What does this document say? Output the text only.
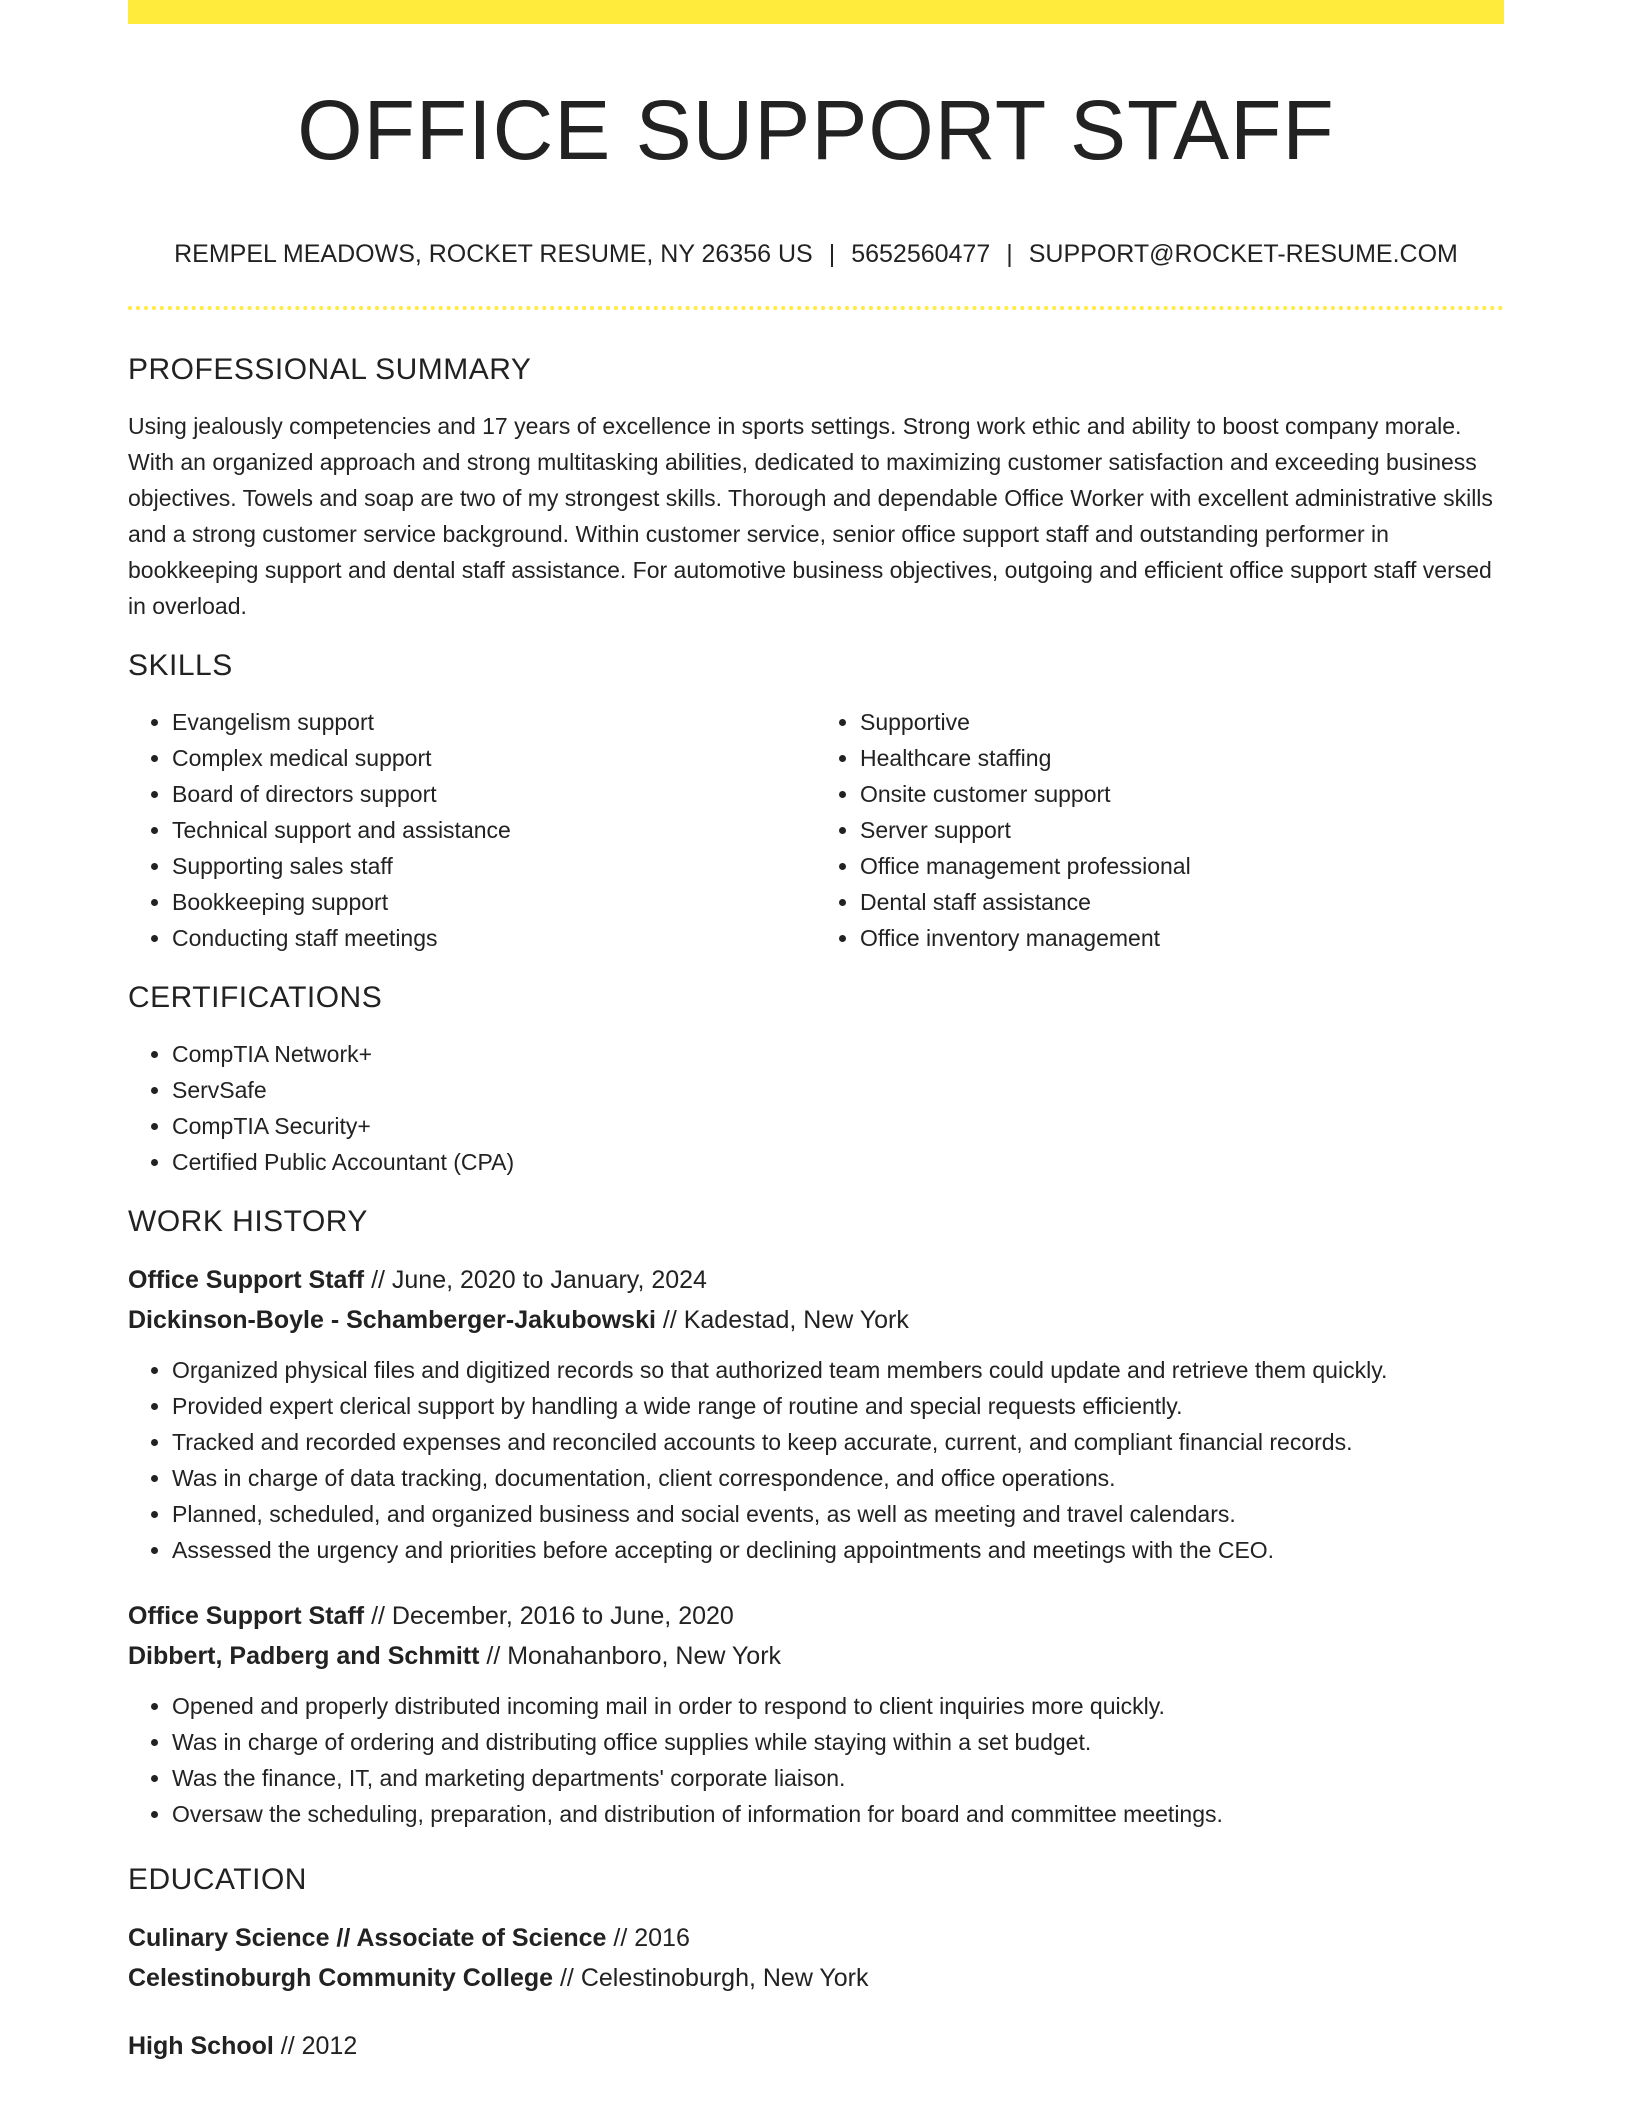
OFFICE SUPPORT STAFF
REMPEL MEADOWS, ROCKET RESUME, NY 26356 US | 5652560477 | SUPPORT@ROCKET-RESUME.COM
PROFESSIONAL SUMMARY

Using jealously competencies and 17 years of excellence in sports settings. Strong work ethic and ability to boost company morale. With an organized approach and strong multitasking abilities, dedicated to maximizing customer satisfaction and exceeding business objectives. Towels and soap are two of my strongest skills. Thorough and dependable Office Worker with excellent administrative skills and a strong customer service background. Within customer service, senior office support staff and outstanding performer in bookkeeping support and dental staff assistance. For automotive business objectives, outgoing and efficient office support staff versed in overload.

SKILLS
• Evangelism support
• Complex medical support
• Board of directors support
• Technical support and assistance
• Supporting sales staff
• Bookkeeping support
• Conducting staff meetings
• Supportive
• Healthcare staffing
• Onsite customer support
• Server support
• Office management professional
• Dental staff assistance
• Office inventory management
CERTIFICATIONS
• CompTIA Network+
• ServSafe
• CompTIA Security+
• Certified Public Accountant (CPA)
WORK HISTORY
Office Support Staff // June, 2020 to January, 2024
Dickinson-Boyle - Schamberger-Jakubowski // Kadestad, New York
• Organized physical files and digitized records so that authorized team members could update and retrieve them quickly.
• Provided expert clerical support by handling a wide range of routine and special requests efficiently.
• Tracked and recorded expenses and reconciled accounts to keep accurate, current, and compliant financial records.
• Was in charge of data tracking, documentation, client correspondence, and office operations.
• Planned, scheduled, and organized business and social events, as well as meeting and travel calendars.
• Assessed the urgency and priorities before accepting or declining appointments and meetings with the CEO.
Office Support Staff // December, 2016 to June, 2020
Dibbert, Padberg and Schmitt // Monahanboro, New York
• Opened and properly distributed incoming mail in order to respond to client inquiries more quickly.
• Was in charge of ordering and distributing office supplies while staying within a set budget.
• Was the finance, IT, and marketing departments' corporate liaison.
• Oversaw the scheduling, preparation, and distribution of information for board and committee meetings.
EDUCATION
Culinary Science // Associate of Science // 2016
Celestinoburgh Community College // Celestinoburgh, New York
High School // 2012
